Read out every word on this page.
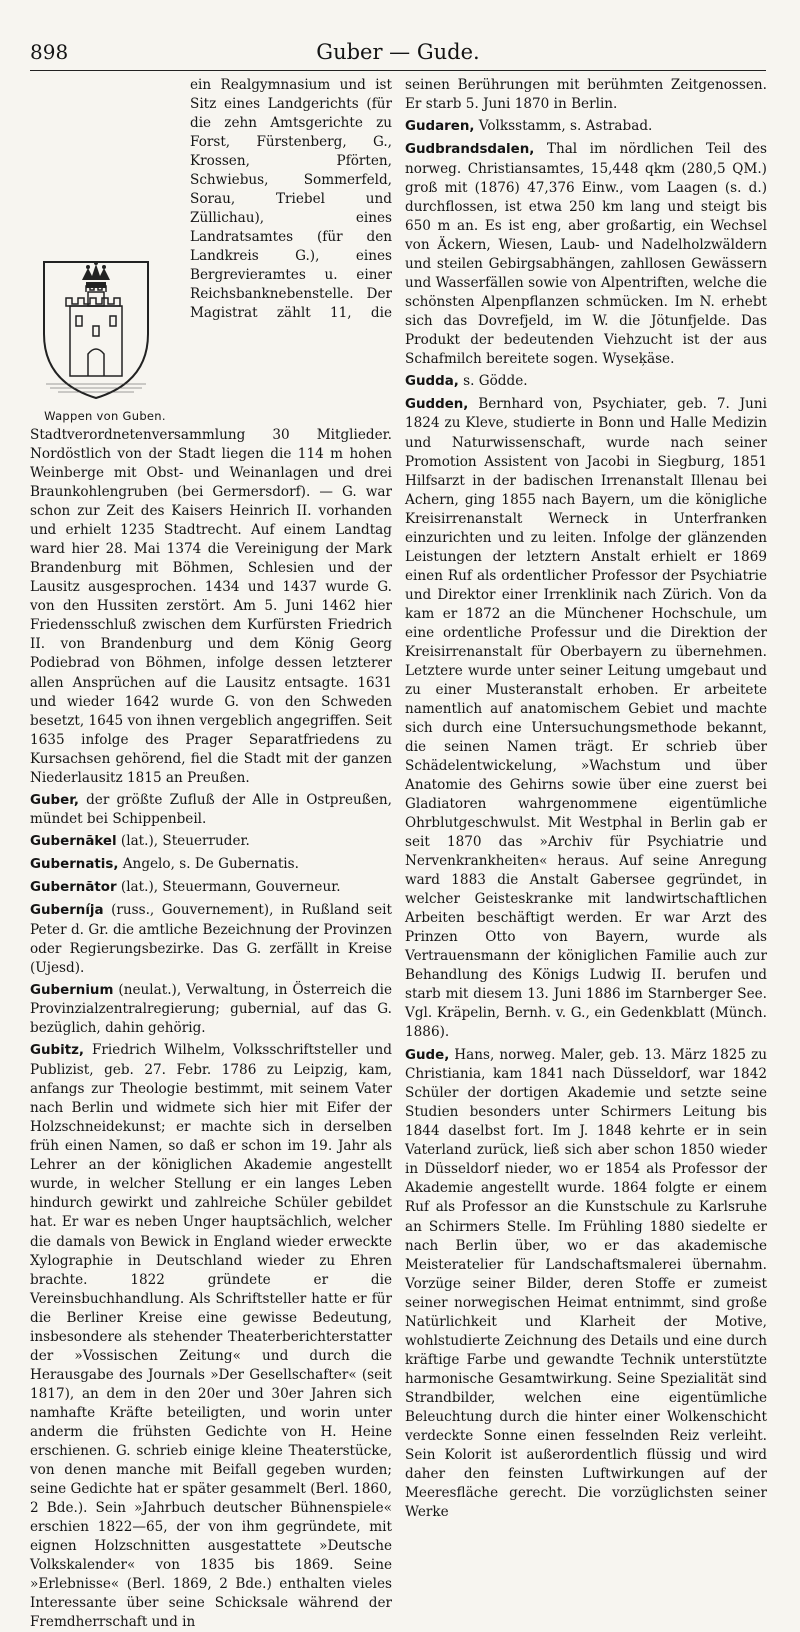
898	Guber — Gude.

Wappen von Guben.
ein Realgymnasium und ist Sitz eines Landgerichts (für die zehn Amtsgerichte zu Forst, Fürstenberg, G., Krossen, Pförten, Schwiebus, Sommerfeld, Sorau, Triebel und Züllichau), eines Landratsamtes (für den Landkreis G.), eines Bergrevieramtes u. einer Reichsbanknebenstelle. Der Magistrat zählt 11, die Stadtverordnetenversammlung 30 Mitglieder. Nordöstlich von der Stadt liegen die 114 m hohen Weinberge mit Obst- und Weinanlagen und drei Braunkohlengruben (bei Germersdorf). — G. war schon zur Zeit des Kaisers Heinrich II. vorhanden und erhielt 1235 Stadtrecht. Auf einem Landtag ward hier 28. Mai 1374 die Vereinigung der Mark Brandenburg mit Böhmen, Schlesien und der Lausitz ausgesprochen. 1434 und 1437 wurde G. von den Hussiten zerstört. Am 5. Juni 1462 hier Friedensschluß zwischen dem Kurfürsten Friedrich II. von Brandenburg und dem König Georg Podiebrad von Böhmen, infolge dessen letzterer allen Ansprüchen auf die Lausitz entsagte. 1631 und wieder 1642 wurde G. von den Schweden besetzt, 1645 von ihnen vergeblich angegriffen. Seit 1635 infolge des Prager Separatfriedens zu Kursachsen gehörend, fiel die Stadt mit der ganzen Niederlausitz 1815 an Preußen.

Guber, der größte Zufluß der Alle in Ostpreußen, mündet bei Schippenbeil.

Gubernākel (lat.), Steuerruder.

Gubernatis, Angelo, s. De Gubernatis.

Gubernātor (lat.), Steuermann, Gouverneur.

Guberníja (russ., Gouvernement), in Rußland seit Peter d. Gr. die amtliche Bezeichnung der Provinzen oder Regierungsbezirke. Das G. zerfällt in Kreise (Ujesd).

Gubernium (neulat.), Verwaltung, in Österreich die Provinzialzentralregierung; gubernial, auf das G. bezüglich, dahin gehörig.

Gubitz, Friedrich Wilhelm, Volksschriftsteller und Publizist, geb. 27. Febr. 1786 zu Leipzig, kam, anfangs zur Theologie bestimmt, mit seinem Vater nach Berlin und widmete sich hier mit Eifer der Holzschneidekunst; er machte sich in derselben früh einen Namen, so daß er schon im 19. Jahr als Lehrer an der königlichen Akademie angestellt wurde, in welcher Stellung er ein langes Leben hindurch gewirkt und zahlreiche Schüler gebildet hat. Er war es neben Unger hauptsächlich, welcher die damals von Bewick in England wieder erweckte Xylographie in Deutschland wieder zu Ehren brachte. 1822 gründete er die Vereinsbuchhandlung. Als Schriftsteller hatte er für die Berliner Kreise eine gewisse Bedeutung, insbesondere als stehender Theaterberichterstatter der »Vossischen Zeitung« und durch die Herausgabe des Journals »Der Gesellschafter« (seit 1817), an dem in den 20er und 30er Jahren sich namhafte Kräfte beteiligten, und worin unter anderm die frühsten Gedichte von H. Heine erschienen. G. schrieb einige kleine Theaterstücke, von denen manche mit Beifall gegeben wurden; seine Gedichte hat er später gesammelt (Berl. 1860, 2 Bde.). Sein »Jahrbuch deutscher Bühnenspiele« erschien 1822—65, der von ihm gegründete, mit eignen Holzschnitten ausgestattete »Deutsche Volkskalender« von 1835 bis 1869. Seine »Erlebnisse« (Berl. 1869, 2 Bde.) enthalten vieles Interessante über seine Schicksale während der Fremdherrschaft und in

seinen Berührungen mit berühmten Zeitgenossen. Er starb 5. Juni 1870 in Berlin.

Gudaren, Volksstamm, s. Astrabad.

Gudbrandsdalen, Thal im nördlichen Teil des norweg. Christiansamtes, 15,448 qkm (280,5 QM.) groß mit (1876) 47,376 Einw., vom Laagen (s. d.) durchflossen, ist etwa 250 km lang und steigt bis 650 m an. Es ist eng, aber großartig, ein Wechsel von Äckern, Wiesen, Laub- und Nadelholzwäldern und steilen Gebirgsabhängen, zahllosen Gewässern und Wasserfällen sowie von Alpentriften, welche die schönsten Alpenpflanzen schmücken. Im N. erhebt sich das Dovrefjeld, im W. die Jötunfjelde. Das Produkt der bedeutenden Viehzucht ist der aus Schafmilch bereitete sogen. Wyseķäse.

Gudda, s. Gödde.

Gudden, Bernhard von, Psychiater, geb. 7. Juni 1824 zu Kleve, studierte in Bonn und Halle Medizin und Naturwissenschaft, wurde nach seiner Promotion Assistent von Jacobi in Siegburg, 1851 Hilfsarzt in der badischen Irrenanstalt Illenau bei Achern, ging 1855 nach Bayern, um die königliche Kreisirrenanstalt Werneck in Unterfranken einzurichten und zu leiten. Infolge der glänzenden Leistungen der letztern Anstalt erhielt er 1869 einen Ruf als ordentlicher Professor der Psychiatrie und Direktor einer Irrenklinik nach Zürich. Von da kam er 1872 an die Münchener Hochschule, um eine ordentliche Professur und die Direktion der Kreisirrenanstalt für Oberbayern zu übernehmen. Letztere wurde unter seiner Leitung umgebaut und zu einer Musteranstalt erhoben. Er arbeitete namentlich auf anatomischem Gebiet und machte sich durch eine Untersuchungsmethode bekannt, die seinen Namen trägt. Er schrieb über Schädelentwickelung, »Wachstum und über Anatomie des Gehirns sowie über eine zuerst bei Gladiatoren wahrgenommene eigentümliche Ohrblutgeschwulst. Mit Westphal in Berlin gab er seit 1870 das »Archiv für Psychiatrie und Nervenkrankheiten« heraus. Auf seine Anregung ward 1883 die Anstalt Gabersee gegründet, in welcher Geisteskranke mit landwirtschaftlichen Arbeiten beschäftigt werden. Er war Arzt des Prinzen Otto von Bayern, wurde als Vertrauensmann der königlichen Familie auch zur Behandlung des Königs Ludwig II. berufen und starb mit diesem 13. Juni 1886 im Starnberger See. Vgl. Kräpelin, Bernh. v. G., ein Gedenkblatt (Münch. 1886).

Gude, Hans, norweg. Maler, geb. 13. März 1825 zu Christiania, kam 1841 nach Düsseldorf, war 1842 Schüler der dortigen Akademie und setzte seine Studien besonders unter Schirmers Leitung bis 1844 daselbst fort. Im J. 1848 kehrte er in sein Vaterland zurück, ließ sich aber schon 1850 wieder in Düsseldorf nieder, wo er 1854 als Professor der Akademie angestellt wurde. 1864 folgte er einem Ruf als Professor an die Kunstschule zu Karlsruhe an Schirmers Stelle. Im Frühling 1880 siedelte er nach Berlin über, wo er das akademische Meisteratelier für Landschaftsmalerei übernahm. Vorzüge seiner Bilder, deren Stoffe er zumeist seiner norwegischen Heimat entnimmt, sind große Natürlichkeit und Klarheit der Motive, wohlstudierte Zeichnung des Details und eine durch kräftige Farbe und gewandte Technik unterstützte harmonische Gesamtwirkung. Seine Spezialität sind Strandbilder, welchen eine eigentümliche Beleuchtung durch die hinter einer Wolkenschicht verdeckte Sonne einen fesselnden Reiz verleiht. Sein Kolorit ist außerordentlich flüssig und wird daher den feinsten Luftwirkungen auf der Meeresfläche gerecht. Die vorzüglichsten seiner Werke
